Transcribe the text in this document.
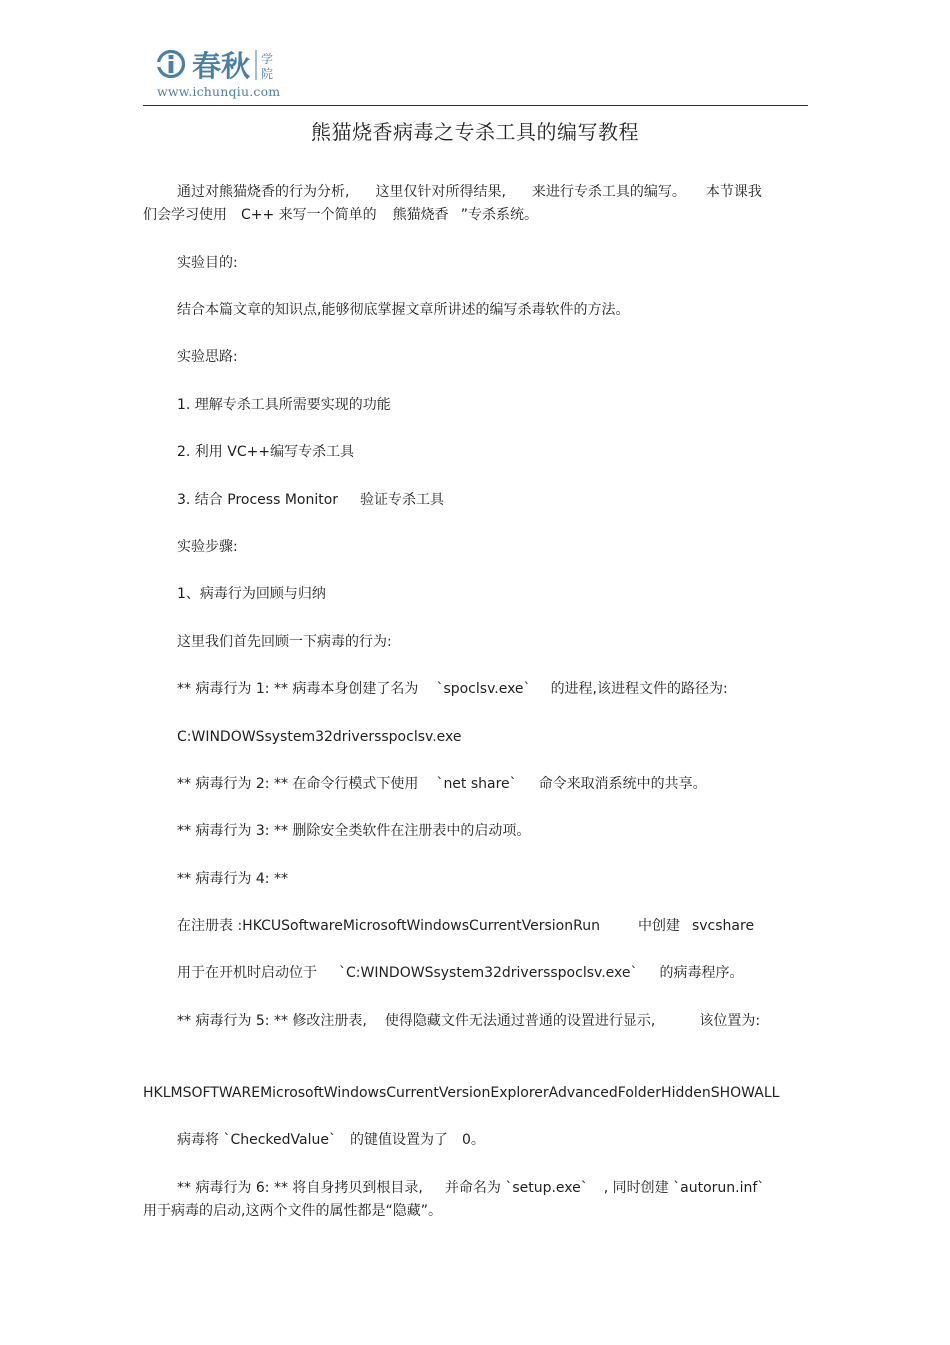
春秋 学
院
www.ichunqiu.com
熊猫烧香病毒之专杀工具的编写教程
通过对熊猫烧香的行为分析, 这里仅针对所得结果, 来进行专杀工具的编写。 本节课我
们会学习使用 C++ 来写一个简单的 熊猫烧香 ”专杀系统。
实验目的:
结合本篇文章的知识点,能够彻底掌握文章所讲述的编写杀毒软件的方法。
实验思路:
1. 理解专杀工具所需要实现的功能
2. 利用 VC++编写专杀工具
3. 结合 Process Monitor 验证专杀工具
实验步骤:
1、病毒行为回顾与归纳
这里我们首先回顾一下病毒的行为:
** 病毒行为 1: ** 病毒本身创建了名为 `spoclsv.exe` 的进程,该进程文件的路径为:
C:WINDOWSsystem32driversspoclsv.exe
** 病毒行为 2: ** 在命令行模式下使用 `net share` 命令来取消系统中的共享。
** 病毒行为 3: ** 删除安全类软件在注册表中的启动项。
** 病毒行为 4: **
在注册表 :HKCUSoftwareMicrosoftWindowsCurrentVersionRun	中创建 svcshare
用于在开机时启动位于 `C:WINDOWSsystem32driversspoclsv.exe` 的病毒程序。
** 病毒行为 5: ** 修改注册表, 使得隐藏文件无法通过普通的设置进行显示,	该位置为:
HKLMSOFTWAREMicrosoftWindowsCurrentVersionExplorerAdvancedFolderHiddenSHOWALL
病毒将 `CheckedValue` 的键值设置为了 0。
** 病毒行为 6: ** 将自身拷贝到根目录, 并命名为 `setup.exe` , 同时创建 `autorun.inf`
用于病毒的启动,这两个文件的属性都是“隐藏”。
